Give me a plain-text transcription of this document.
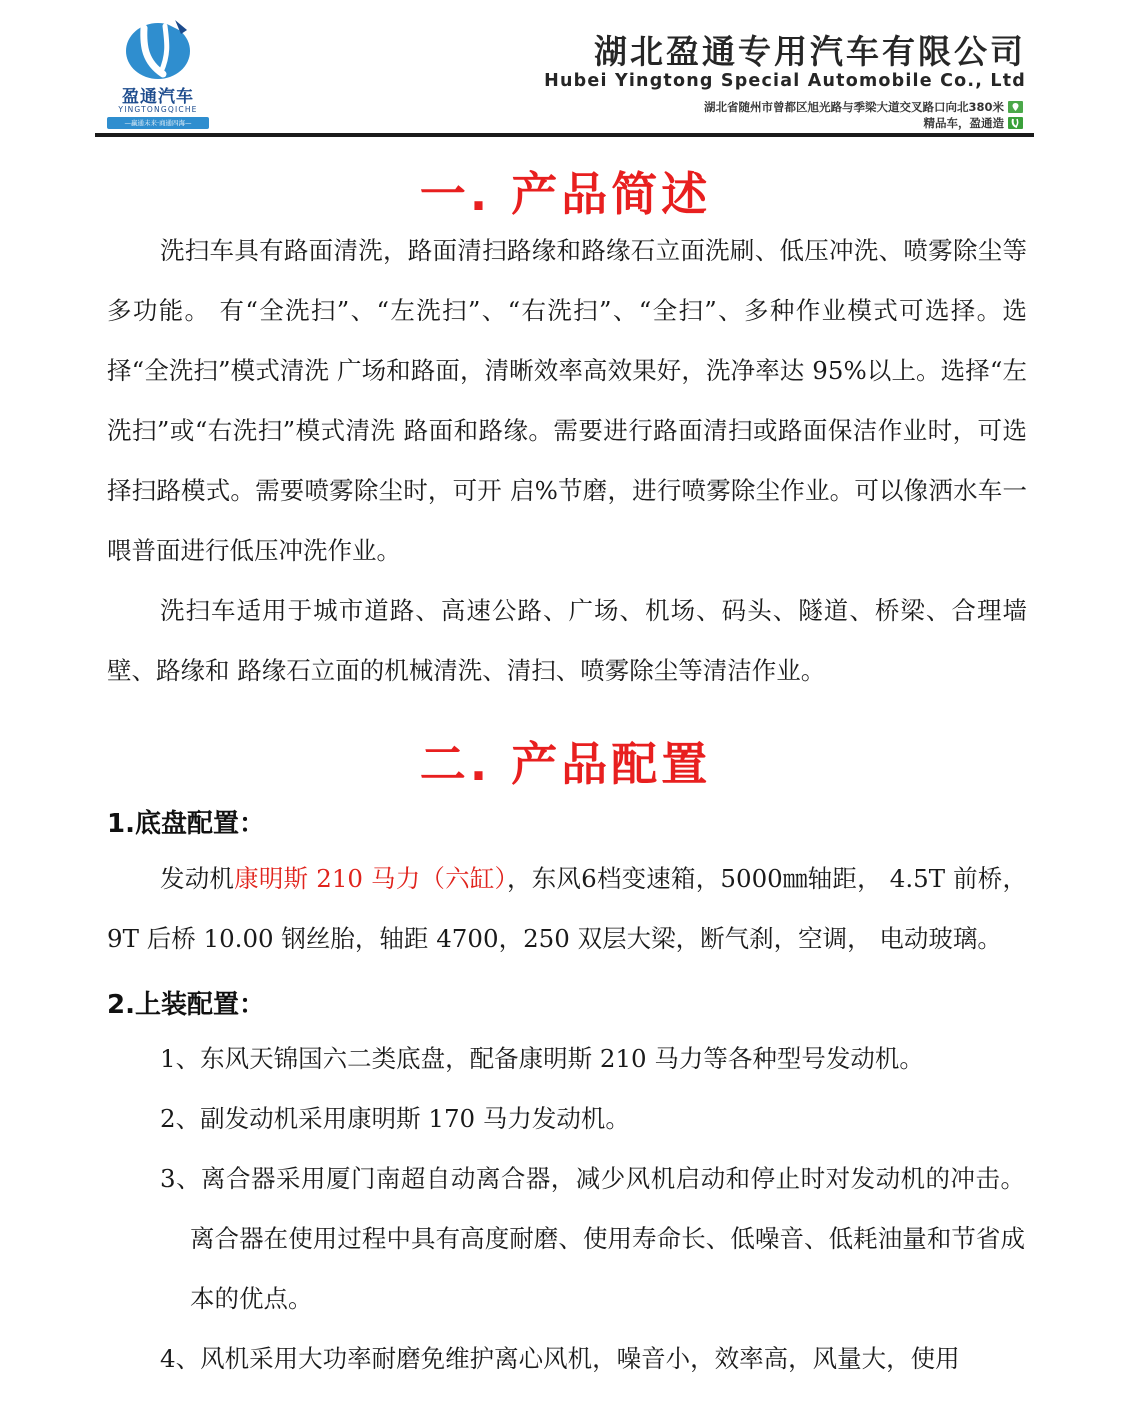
盈通汽车
YINGTONGQICHE
—赢通未来·商通四海—
湖北盈通专用汽车有限公司
Hubei Yingtong Special Automobile Co., Ltd
湖北省随州市曾都区旭光路与季梁大道交叉路口向北380米
精品车，盈通造
一. 产品简述

洗扫车具有路面清洗，路面清扫路缘和路缘石立面洗刷、低压冲洗、喷雾除尘等多功能。 有“全洗扫”、“左洗扫”、“右洗扫”、“全扫”、多种作业模式可选择。选择“全洗扫”模式清洗 广场和路面，清晰效率高效果好，洗净率达 95%以上。选择“左洗扫”或“右洗扫”模式清洗 路面和路缘。需要进行路面清扫或路面保洁作业时，可选择扫路模式。需要喷雾除尘时，可开 启%节磨，进行喷雾除尘作业。可以像洒水车一喂普面进行低压冲洗作业。

洗扫车适用于城市道路、高速公路、广场、机场、码头、隧道、桥梁、合理墙壁、路缘和 路缘石立面的机械清洗、清扫、喷雾除尘等清洁作业。

二. 产品配置
1.底盘配置：

发动机康明斯 210 马力（六缸），东风6档变速箱，5000㎜轴距， 4.5T 前桥，9T 后桥 10.00 钢丝胎，轴距 4700，250 双层大梁，断气刹，空调， 电动玻璃。

2.上装配置：

1、东风天锦国六二类底盘，配备康明斯 210 马力等各种型号发动机。

2、副发动机采用康明斯 170 马力发动机。

3、离合器采用厦门南超自动离合器，减少风机启动和停止时对发动机的冲击。离合器在使用过程中具有高度耐磨、使用寿命长、低噪音、低耗油量和节省成本的优点。

4、风机采用大功率耐磨免维护离心风机，噪音小，效率高，风量大，使用
